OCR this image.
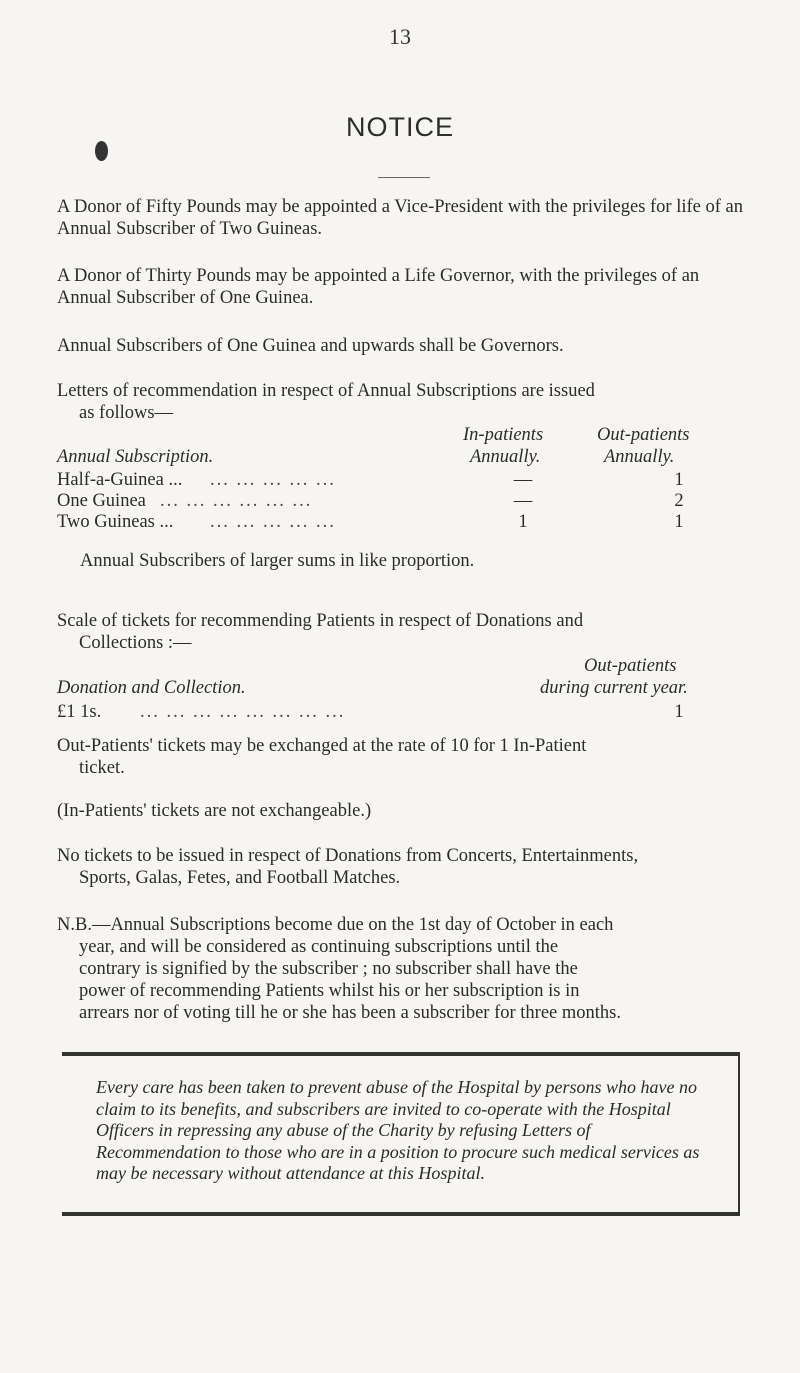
13
NOTICE
A Donor of Fifty Pounds may be appointed a Vice-President with the privileges for life of an Annual Subscriber of Two Guineas.
A Donor of Thirty Pounds may be appointed a Life Governor, with the privileges of an Annual Subscriber of One Guinea.
Annual Subscribers of One Guinea and upwards shall be Governors.
Letters of recommendation in respect of Annual Subscriptions are issued
as follows—
In-patients	Out-patients
Annual Subscription.	Annually.	Annually.
Half-a-Guinea ... ... ... ... ... ...	—	1
One Guinea ... ... ... ... ... ...	—	2
Two Guineas ... ... ... ... ... ...	1	1
Annual Subscribers of larger sums in like proportion.
Scale of tickets for recommending Patients in respect of Donations and
Collections :—
Out-patients
Donation and Collection.	during current year.
£1 1s. ... ... ... ... ... ... ... ...	1
Out-Patients' tickets may be exchanged at the rate of 10 for 1 In-Patient
ticket.
(In-Patients' tickets are not exchangeable.)
No tickets to be issued in respect of Donations from Concerts, Entertainments,
Sports, Galas, Fetes, and Football Matches.
N.B.—Annual Subscriptions become due on the 1st day of October in each
year, and will be considered as continuing subscriptions until the
contrary is signified by the subscriber ; no subscriber shall have the
power of recommending Patients whilst his or her subscription is in
arrears nor of voting till he or she has been a subscriber for three months.
Every care has been taken to prevent abuse of the Hospital by persons who have no claim to its benefits, and subscribers are invited to co-operate with the Hospital Officers in repressing any abuse of the Charity by refusing Letters of Recommendation to those who are in a position to procure such medical services as may be necessary without attendance at this Hospital.
